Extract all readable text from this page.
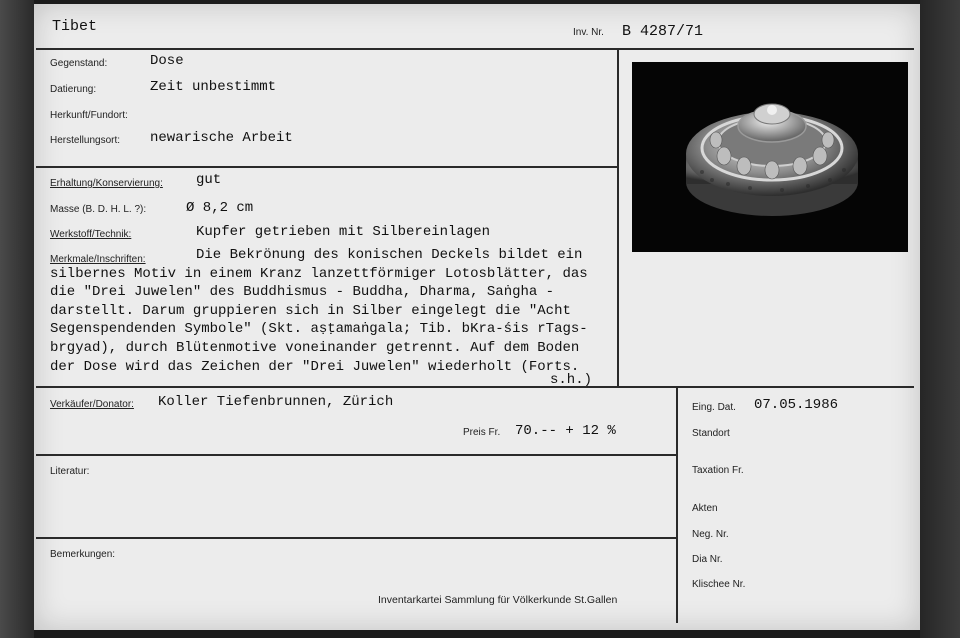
Tibet	Inv. Nr. B 4287/71
Gegenstand:	Dose
Datierung:	Zeit unbestimmt
Herkunft/Fundort:
Herstellungsort: newarische Arbeit
Erhaltung/Konservierung: gut
Masse (B. D. H. L. ?):	Ø 8,2 cm
Werkstoff/Technik:	Kupfer getrieben mit Silbereinlagen
Merkmale/Inschriften:	Die Bekrönung des konischen Deckels bildet ein
silbernes Motiv in einem Kranz lanzettförmiger Lotosblätter, das
die "Drei Juwelen" des Buddhismus - Buddha, Dharma, Saṅgha -
darstellt. Darum gruppieren sich in Silber eingelegt die "Acht
Segenspendenden Symbole" (Skt. aṣṭamaṅgala; Tib. bKra-śis rTags-
brgyad), durch Blütenmotive voneinander getrennt. Auf dem Boden
der Dose wird das Zeichen der "Drei Juwelen" wiederholt (Forts.
s.h.)
Verkäufer/Donator: Koller Tiefenbrunnen, Zürich
Preis Fr. 70.-- + 12 %
Eing. Dat. 07.05.1986
Standort
Taxation Fr.
Akten
Neg. Nr.
Dia Nr.
Klischee Nr.
Literatur:
Bemerkungen:
Inventarkartei Sammlung für Völkerkunde St.Gallen
